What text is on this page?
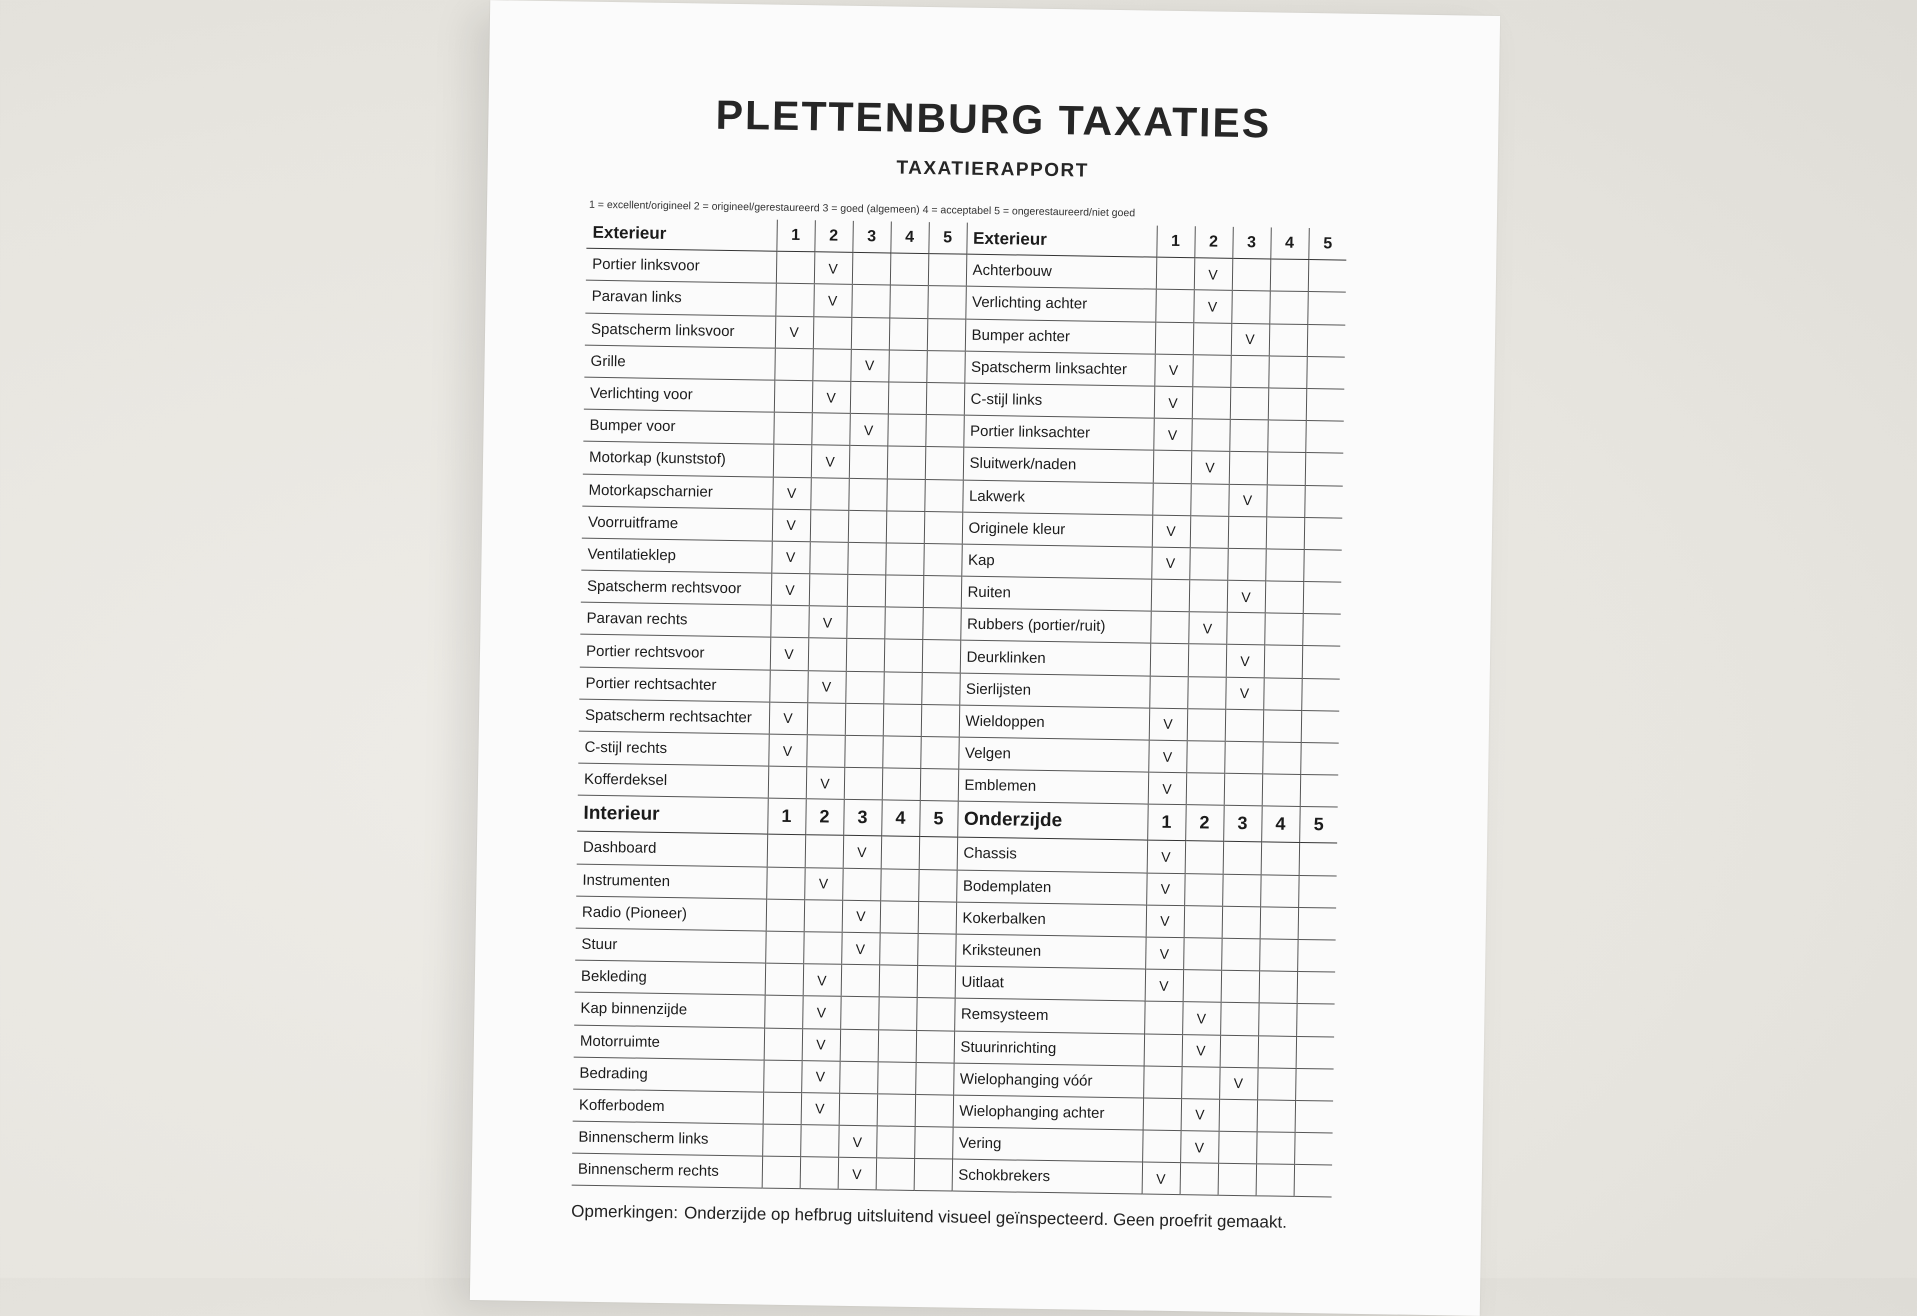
PLETTENBURG TAXATIES
TAXATIERAPPORT
1 = excellent/origineel 2 = origineel/gerestaureerd 3 = goed (algemeen) 4 = acceptabel 5 = ongerestaureerd/niet goed
Exterieur	1	2	3	4	5	Exterieur	1	2	3	4	5
Portier linksvoor		V				Achterbouw		V			
Paravan links		V				Verlichting achter		V			
Spatscherm linksvoor	V					Bumper achter			V		
Grille			V			Spatscherm linksachter	V				
Verlichting voor		V				C-stijl links	V				
Bumper voor			V			Portier linksachter	V				
Motorkap (kunststof)		V				Sluitwerk/naden		V			
Motorkapscharnier	V					Lakwerk			V		
Voorruitframe	V					Originele kleur	V				
Ventilatieklep	V					Kap	V				
Spatscherm rechtsvoor	V					Ruiten			V		
Paravan rechts		V				Rubbers (portier/ruit)		V			
Portier rechtsvoor	V					Deurklinken			V		
Portier rechtsachter		V				Sierlijsten			V		
Spatscherm rechtsachter	V					Wieldoppen	V				
C-stijl rechts	V					Velgen	V				
Kofferdeksel		V				Emblemen	V				
Interieur	1	2	3	4	5	Onderzijde	1	2	3	4	5
Dashboard			V			Chassis	V				
Instrumenten		V				Bodemplaten	V				
Radio (Pioneer)			V			Kokerbalken	V				
Stuur			V			Kriksteunen	V				
Bekleding		V				Uitlaat	V				
Kap binnenzijde		V				Remsysteem		V			
Motorruimte		V				Stuurinrichting		V			
Bedrading		V				Wielophanging vóór			V		
Kofferbodem		V				Wielophanging achter		V			
Binnenscherm links			V			Vering		V			
Binnenscherm rechts			V			Schokbrekers	V				
Opmerkingen: Onderzijde op hefbrug uitsluitend visueel geïnspecteerd. Geen proefrit gemaakt.
